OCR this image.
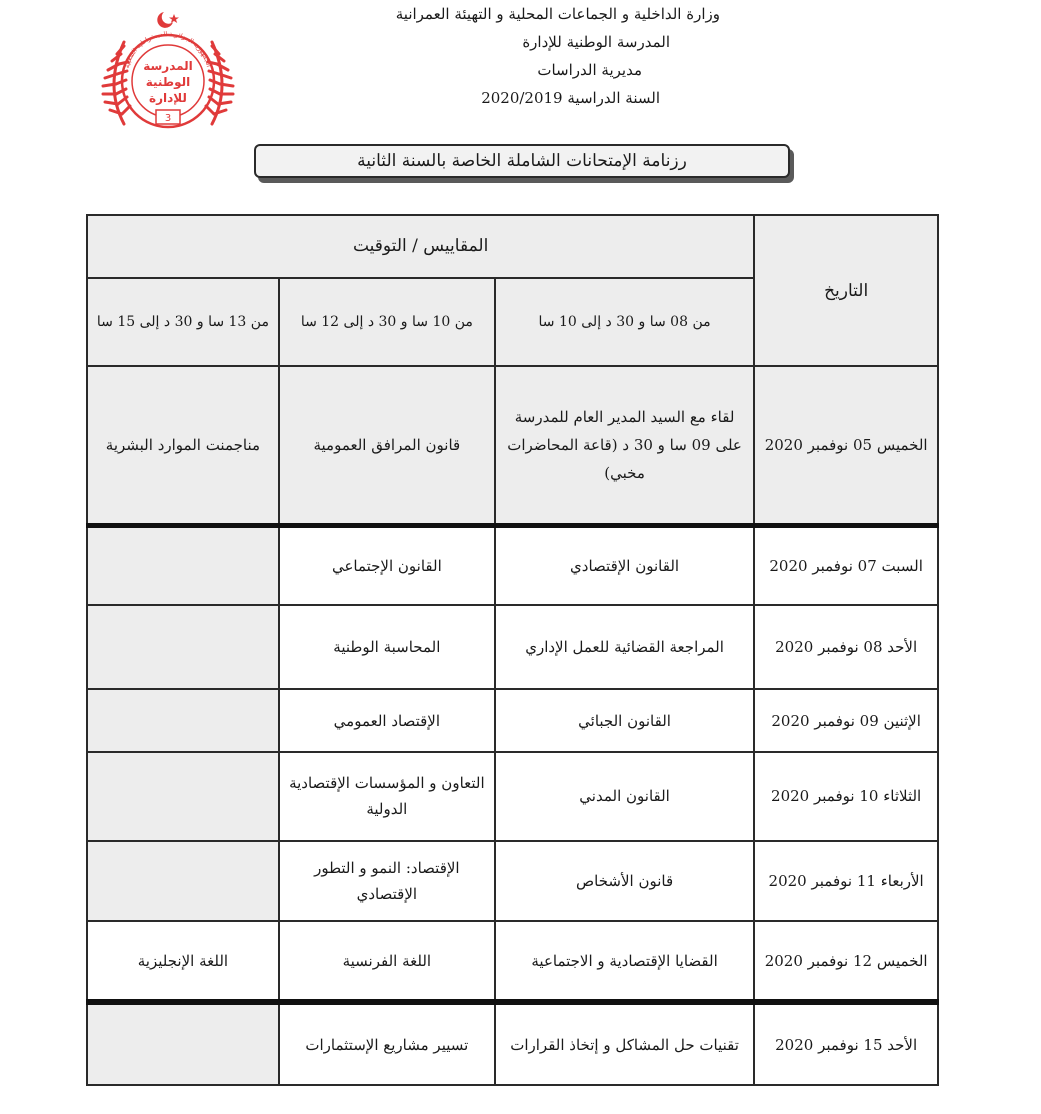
وزارة الداخلية و الجماعات المحلية و التهيئة العمرانية
المدرسة الوطنية للإدارة
مديرية الدراسات
السنة الدراسية 2020/2019
الجمهورية الجزائرية الديمقراطية الشعبية
المدرسة
الوطنية
للإدارة
3
رزنامة الإمتحانات الشاملة الخاصة بالسنة الثانية
التاريخ	المقاييس / التوقيت		
	من 08 سا و 30 د إلى 10 سا	من 10 سا و 30 د إلى 12 سا	من 13 سا و 30 د إلى 15 سا
الخميس 05 نوفمبر 2020	لقاء مع السيد المدير العام للمدرسة على 09 سا و 30 د (قاعة المحاضرات مخبي)	قانون المرافق العمومية	مناجمنت الموارد البشرية
السبت 07 نوفمبر 2020	القانون الإقتصادي	القانون الإجتماعي	
الأحد 08 نوفمبر 2020	المراجعة القضائية للعمل الإداري	المحاسبة الوطنية	
الإثنين 09 نوفمبر 2020	القانون الجبائي	الإقتصاد العمومي	
الثلاثاء 10 نوفمبر 2020	القانون المدني	التعاون و المؤسسات الإقتصادية الدولية	
الأربعاء 11 نوفمبر 2020	قانون الأشخاص	الإقتصاد: النمو و التطور الإقتصادي	
الخميس 12 نوفمبر 2020	القضايا الإقتصادية و الاجتماعية	اللغة الفرنسية	اللغة الإنجليزية
الأحد 15 نوفمبر 2020	تقنيات حل المشاكل و إتخاذ القرارات	تسيير مشاريع الإستثمارات	
